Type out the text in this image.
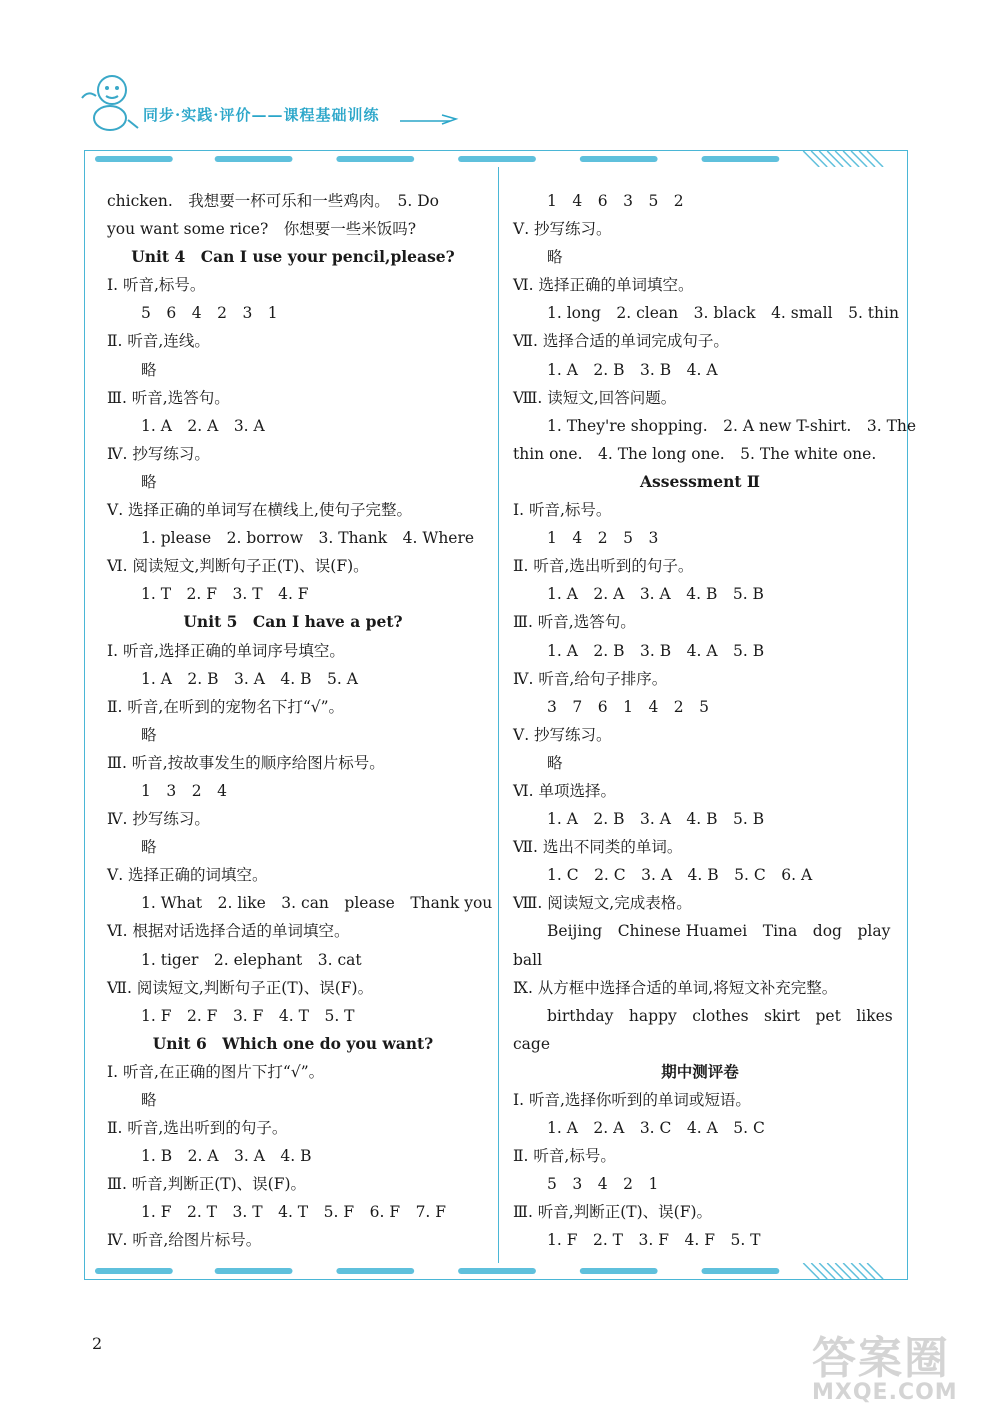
同步·实践·评价——课程基础训练
chicken.　我想要一杯可乐和一些鸡肉。　5. Do
you want some rice?　你想要一些米饭吗?　
Unit 4　Can I use your pencil,please?
Ⅰ. 听音,标号。
5　6　4　2　3　1
Ⅱ. 听音,连线。
略
Ⅲ. 听音,选答句。
1. A　2. A　3. A
Ⅳ. 抄写练习。
略
Ⅴ. 选择正确的单词写在横线上,使句子完整。
1. please　2. borrow　3. Thank　4. Where
Ⅵ. 阅读短文,判断句子正(T)、误(F)。
1. T　2. F　3. T　4. F
Unit 5　Can I have a pet?
Ⅰ. 听音,选择正确的单词序号填空。
1. A　2. B　3. A　4. B　5. A
Ⅱ. 听音,在听到的宠物名下打“√”。
略
Ⅲ. 听音,按故事发生的顺序给图片标号。
1　3　2　4
Ⅳ. 抄写练习。
略
Ⅴ. 选择正确的词填空。
1. What　2. like　3. can　please　Thank you
Ⅵ. 根据对话选择合适的单词填空。
1. tiger　2. elephant　3. cat
Ⅶ. 阅读短文,判断句子正(T)、误(F)。
1. F　2. F　3. F　4. T　5. T
Unit 6　Which one do you want?
Ⅰ. 听音,在正确的图片下打“√”。
略
Ⅱ. 听音,选出听到的句子。
1. B　2. A　3. A　4. B
Ⅲ. 听音,判断正(T)、误(F)。
1. F　2. T　3. T　4. T　5. F　6. F　7. F
Ⅳ. 听音,给图片标号。
1　4　6　3　5　2
Ⅴ. 抄写练习。
略
Ⅵ. 选择正确的单词填空。
1. long　2. clean　3. black　4. small　5. thin
Ⅶ. 选择合适的单词完成句子。
1. A　2. B　3. B　4. A
Ⅷ. 读短文,回答问题。
1. They're shopping.　2. A new T-shirt.　3. The
thin one.　4. The long one.　5. The white one.
Assessment Ⅱ
Ⅰ. 听音,标号。
1　4　2　5　3
Ⅱ. 听音,选出听到的句子。
1. A　2. A　3. A　4. B　5. B
Ⅲ. 听音,选答句。
1. A　2. B　3. B　4. A　5. B
Ⅳ. 听音,给句子排序。
3　7　6　1　4　2　5
Ⅴ. 抄写练习。
略
Ⅵ. 单项选择。
1. A　2. B　3. A　4. B　5. B
Ⅶ. 选出不同类的单词。
1. C　2. C　3. A　4. B　5. C　6. A
Ⅷ. 阅读短文,完成表格。
Beijing　Chinese Huamei　Tina　dog　play
ball
Ⅸ. 从方框中选择合适的单词,将短文补充完整。
birthday　happy　clothes　skirt　pet　likes
cage
期中测评卷
Ⅰ. 听音,选择你听到的单词或短语。
1. A　2. A　3. C　4. A　5. C
Ⅱ. 听音,标号。
5　3　4　2　1
Ⅲ. 听音,判断正(T)、误(F)。
1. F　2. T　3. F　4. F　5. T
2	答案圈
MXQE.COM
